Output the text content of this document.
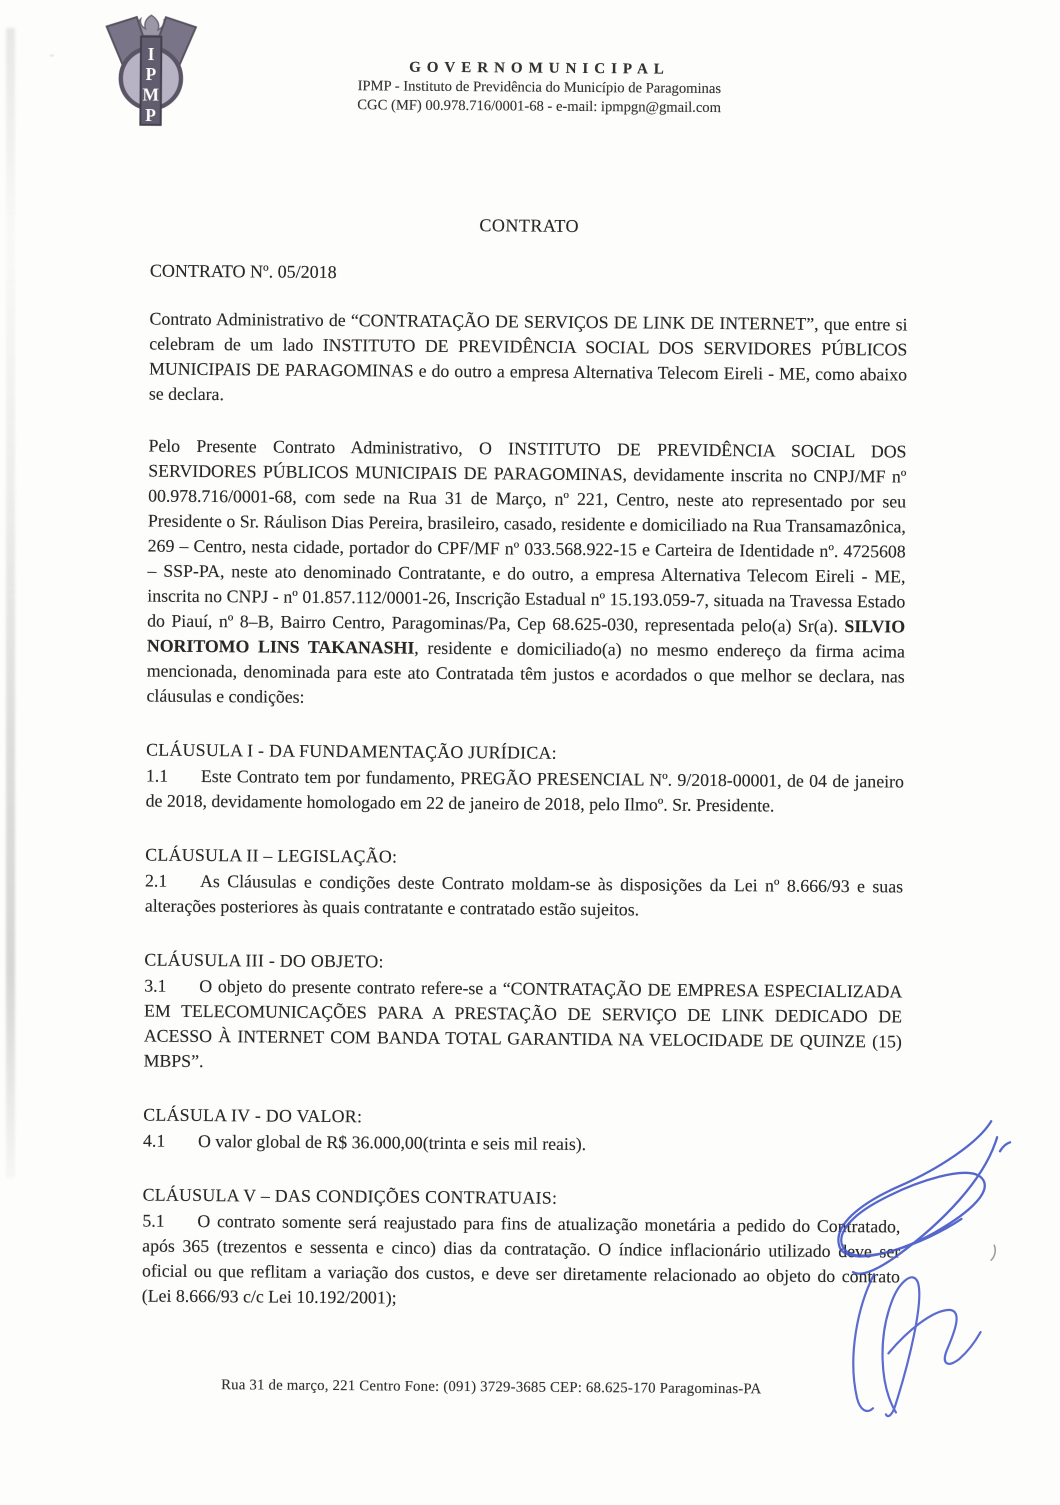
ᵕ	I
P
M
P
GOVERNOMUNICIPAL
IPMP - Instituto de Previdência do Município de Paragominas
CGC (MF) 00.978.716/0001-68 - e-mail: ipmpgn@gmail.com
CONTRATO
CONTRATO Nº. 05/2018

Contrato Administrativo de “CONTRATAÇÃO DE SERVIÇOS DE LINK DE INTERNET”, que entre si celebram de um lado INSTITUTO DE PREVIDÊNCIA SOCIAL DOS SERVIDORES PÚBLICOS MUNICIPAIS DE PARAGOMINAS e do outro a empresa Alternativa Telecom Eireli - ME, como abaixo se declara.

Pelo Presente Contrato Administrativo, O INSTITUTO DE PREVIDÊNCIA SOCIAL DOS SERVIDORES PÚBLICOS MUNICIPAIS DE PARAGOMINAS, devidamente inscrita no CNPJ/MF nº 00.978.716/0001-68, com sede na Rua 31 de Março, nº 221, Centro, neste ato representado por seu Presidente o Sr. Ráulison Dias Pereira, brasileiro, casado, residente e domiciliado na Rua Transamazônica, 269 – Centro, nesta cidade, portador do CPF/MF nº 033.568.922-15 e Carteira de Identidade nº. 4725608 – SSP-PA, neste ato denominado Contratante, e do outro, a empresa Alternativa Telecom Eireli - ME, inscrita no CNPJ - nº 01.857.112/0001-26, Inscrição Estadual nº 15.193.059-7, situada na Travessa Estado do Piauí, nº 8–B, Bairro Centro, Paragominas/Pa, Cep 68.625-030, representada pelo(a) Sr(a). SILVIO NORITOMO LINS TAKANASHI, residente e domiciliado(a) no mesmo endereço da firma acima mencionada, denominada para este ato Contratada têm justos e acordados o que melhor se declara, nas cláusulas e condições:

CLÁUSULA I - DA FUNDAMENTAÇÃO JURÍDICA:

1.1 Este Contrato tem por fundamento, PREGÃO PRESENCIAL Nº. 9/2018-00001, de 04 de janeiro de 2018, devidamente homologado em 22 de janeiro de 2018, pelo Ilmoº. Sr. Presidente.

CLÁUSULA II – LEGISLAÇÃO:

2.1 As Cláusulas e condições deste Contrato moldam-se às disposições da Lei nº 8.666/93 e suas alterações posteriores às quais contratante e contratado estão sujeitos.

CLÁUSULA III - DO OBJETO:

3.1 O objeto do presente contrato refere-se a “CONTRATAÇÃO DE EMPRESA ESPECIALIZADA EM TELECOMUNICAÇÕES PARA A PRESTAÇÃO DE SERVIÇO DE LINK DEDICADO DE ACESSO À INTERNET COM BANDA TOTAL GARANTIDA NA VELOCIDADE DE QUINZE (15) MBPS”.

CLÁSULA IV - DO VALOR:

4.1 O valor global de R$ 36.000,00(trinta e seis mil reais).

CLÁUSULA V – DAS CONDIÇÕES CONTRATUAIS:

5.1 O contrato somente será reajustado para fins de atualização monetária a pedido do Contratado, após 365 (trezentos e sessenta e cinco) dias da contratação. O índice inflacionário utilizado deve ser oficial ou que reflitam a variação dos custos, e deve ser diretamente relacionado ao objeto do contrato (Lei 8.666/93 c/c Lei 10.192/2001);

Rua 31 de março, 221 Centro Fone: (091) 3729-3685 CEP: 68.625-170 Paragominas-PA
